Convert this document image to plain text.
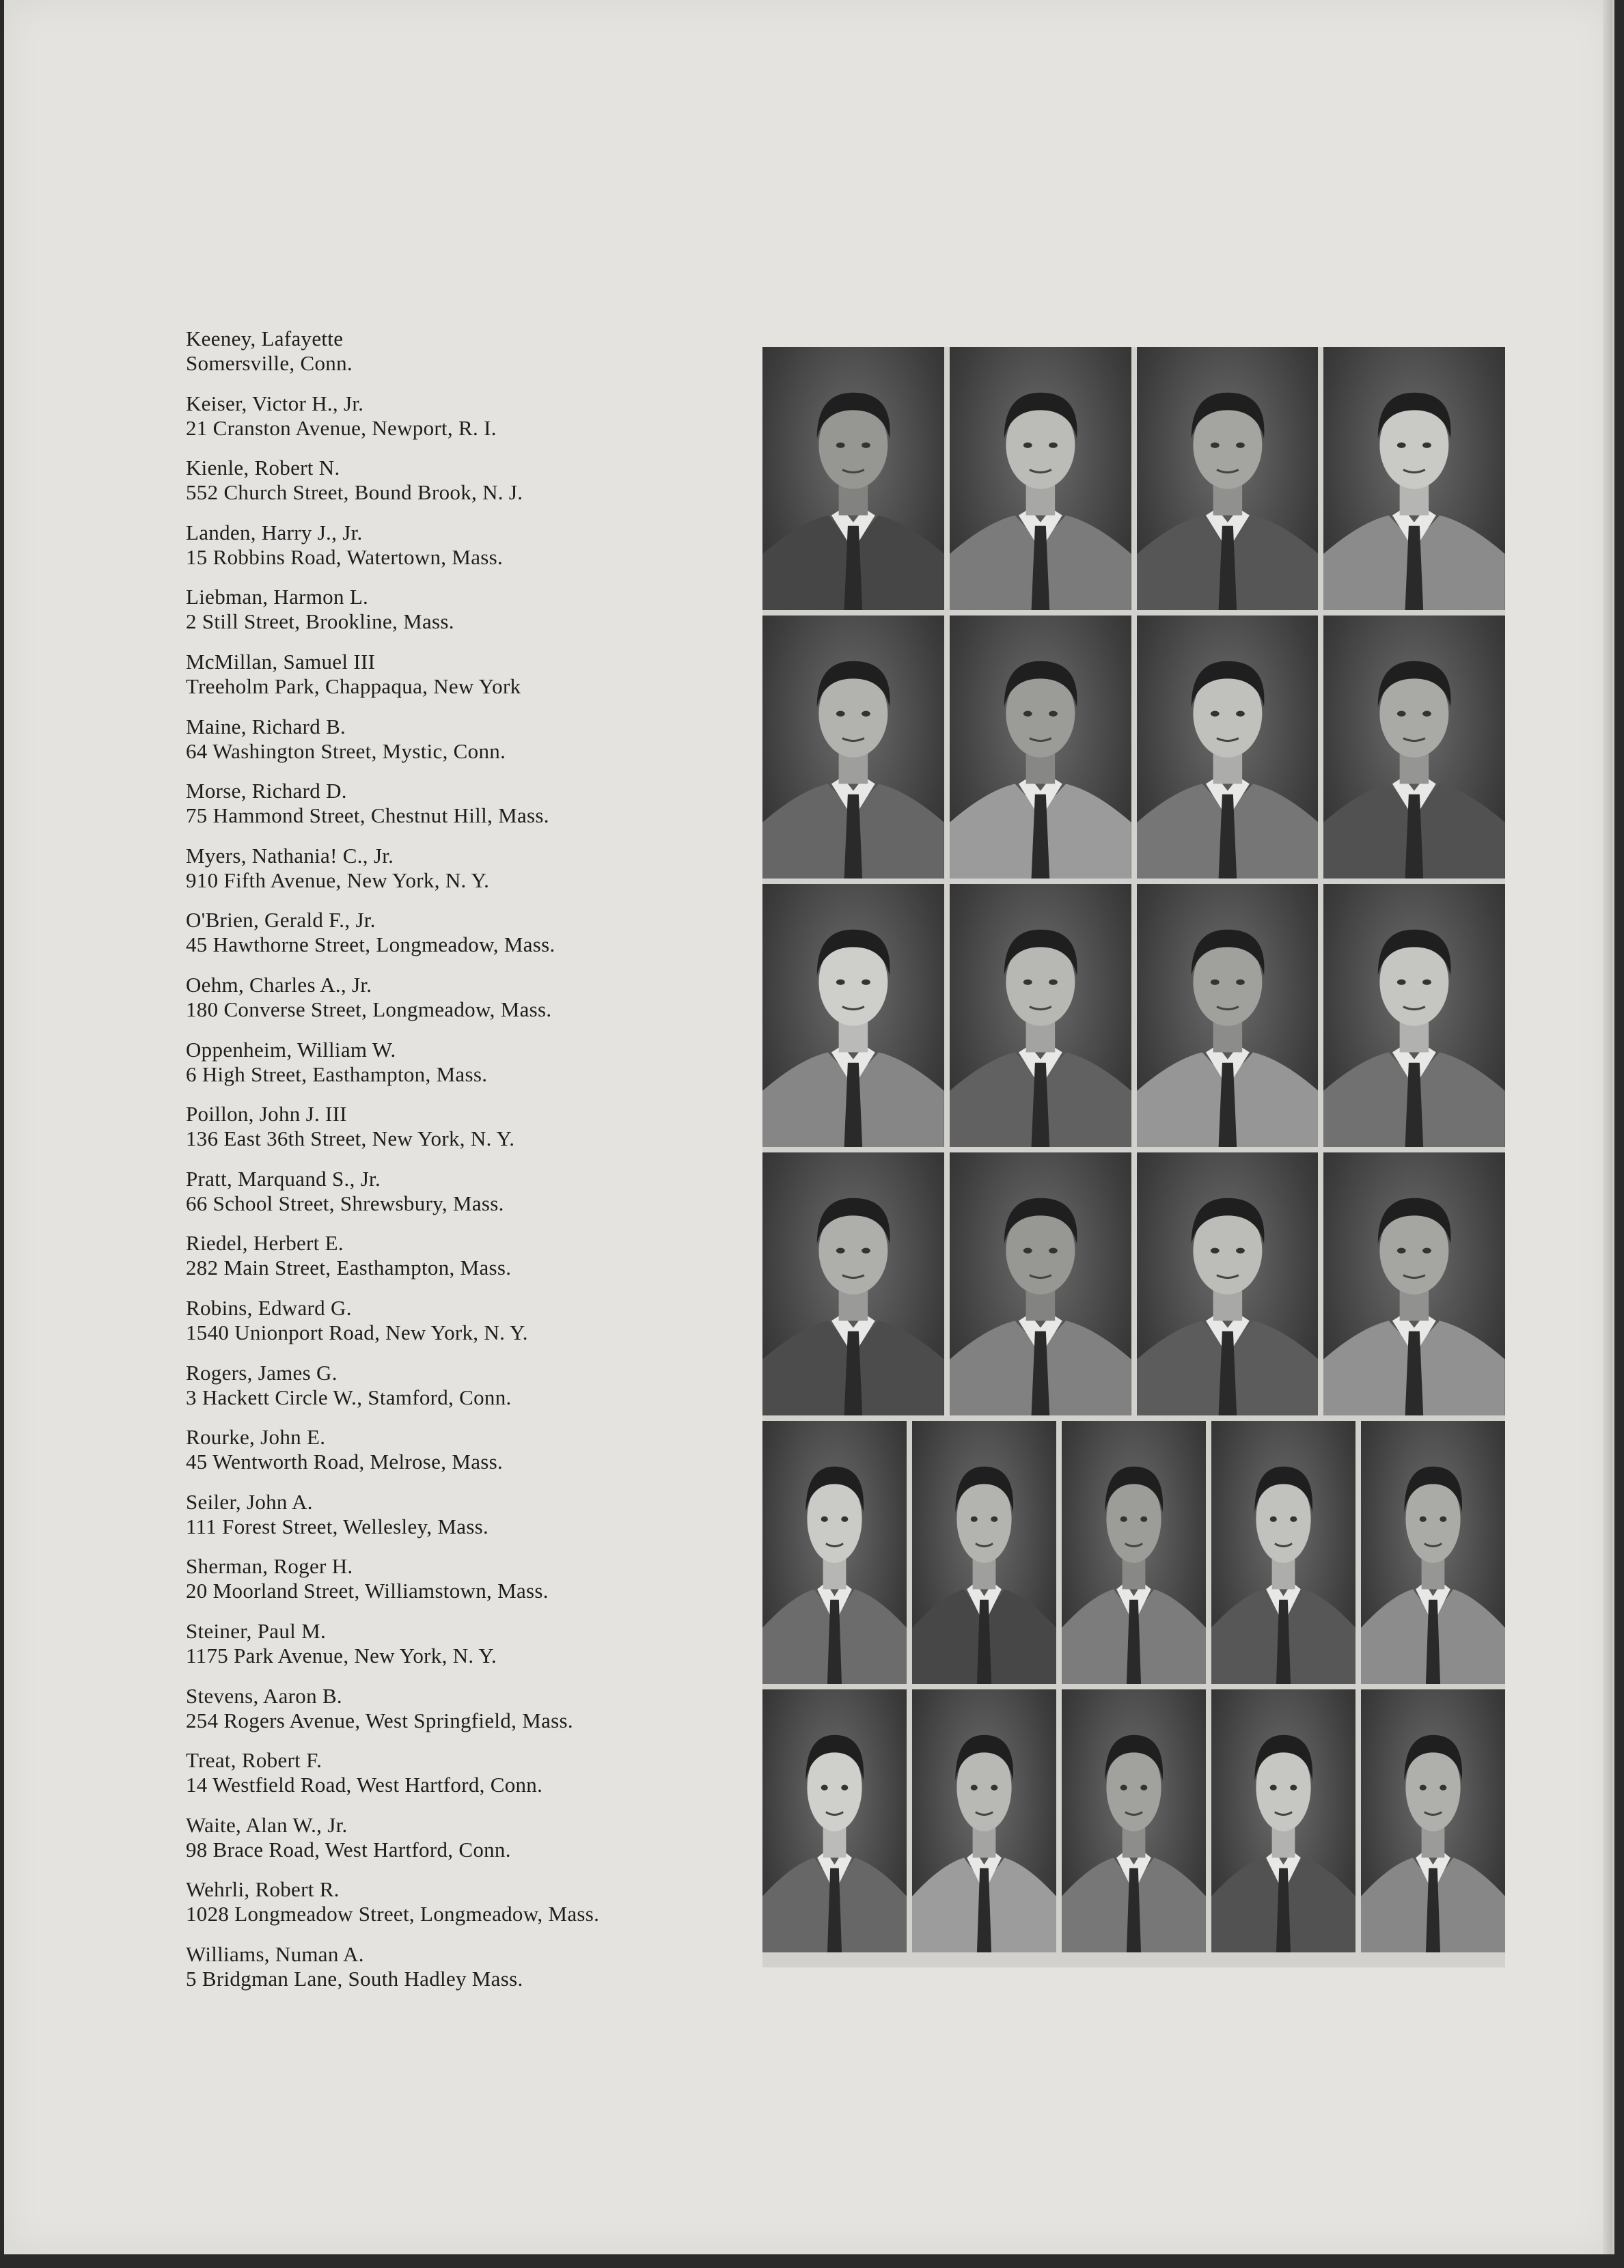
Keeney, Lafayette
Somersville, Conn.
Keiser, Victor H., Jr.
21 Cranston Avenue, Newport, R. I.
Kienle, Robert N.
552 Church Street, Bound Brook, N. J.
Landen, Harry J., Jr.
15 Robbins Road, Watertown, Mass.
Liebman, Harmon L.
2 Still Street, Brookline, Mass.
McMillan, Samuel III
Treeholm Park, Chappaqua, New York
Maine, Richard B.
64 Washington Street, Mystic, Conn.
Morse, Richard D.
75 Hammond Street, Chestnut Hill, Mass.
Myers, Nathania! C., Jr.
910 Fifth Avenue, New York, N. Y.
O'Brien, Gerald F., Jr.
45 Hawthorne Street, Longmeadow, Mass.
Oehm, Charles A., Jr.
180 Converse Street, Longmeadow, Mass.
Oppenheim, William W.
6 High Street, Easthampton, Mass.
Poillon, John J. III
136 East 36th Street, New York, N. Y.
Pratt, Marquand S., Jr.
66 School Street, Shrewsbury, Mass.
Riedel, Herbert E.
282 Main Street, Easthampton, Mass.
Robins, Edward G.
1540 Unionport Road, New York, N. Y.
Rogers, James G.
3 Hackett Circle W., Stamford, Conn.
Rourke, John E.
45 Wentworth Road, Melrose, Mass.
Seiler, John A.
111 Forest Street, Wellesley, Mass.
Sherman, Roger H.
20 Moorland Street, Williamstown, Mass.
Steiner, Paul M.
1175 Park Avenue, New York, N. Y.
Stevens, Aaron B.
254 Rogers Avenue, West Springfield, Mass.
Treat, Robert F.
14 Westfield Road, West Hartford, Conn.
Waite, Alan W., Jr.
98 Brace Road, West Hartford, Conn.
Wehrli, Robert R.
1028 Longmeadow Street, Longmeadow, Mass.
Williams, Numan A.
5 Bridgman Lane, South Hadley Mass.
